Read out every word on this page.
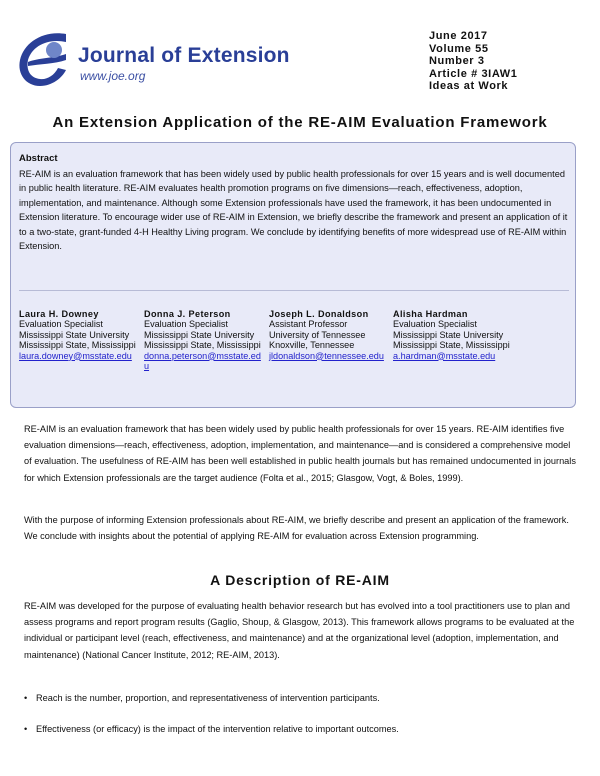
Journal of Extension
www.joe.org
June 2017
Volume 55
Number 3
Article # 3IAW1
Ideas at Work
An Extension Application of the RE-AIM Evaluation Framework
Abstract
RE-AIM is an evaluation framework that has been widely used by public health professionals for over 15 years and is well documented in public health literature. RE-AIM evaluates health promotion programs on five dimensions—reach, effectiveness, adoption, implementation, and maintenance. Although some Extension professionals have used the framework, it has been undocumented in Extension literature. To encourage wider use of RE-AIM in Extension, we briefly describe the framework and present an application of it to a two-state, grant-funded 4-H Healthy Living program. We conclude by identifying benefits of more widespread use of RE-AIM within Extension.
Laura H. Downey
Evaluation Specialist
Mississippi State University
Mississippi State, Mississippi
laura.downey@msstate.edu
Donna J. Peterson
Evaluation Specialist
Mississippi State University
Mississippi State, Mississippi
donna.peterson@msstate.edu
Joseph L. Donaldson
Assistant Professor
University of Tennessee
Knoxville, Tennessee
jldonaldson@tennessee.edu
Alisha Hardman
Evaluation Specialist
Mississippi State University
Mississippi State, Mississippi
a.hardman@msstate.edu
RE-AIM is an evaluation framework that has been widely used by public health professionals for over 15 years. RE-AIM identifies five evaluation dimensions—reach, effectiveness, adoption, implementation, and maintenance—and is considered a comprehensive model of evaluation. The usefulness of RE-AIM has been well established in public health journals but has remained undocumented in journals for which Extension professionals are the target audience (Folta et al., 2015; Glasgow, Vogt, & Boles, 1999).
With the purpose of informing Extension professionals about RE-AIM, we briefly describe and present an application of the framework. We conclude with insights about the potential of applying RE-AIM for evaluation across Extension programming.
A Description of RE-AIM
RE-AIM was developed for the purpose of evaluating health behavior research but has evolved into a tool practitioners use to plan and assess programs and report program results (Gaglio, Shoup, & Glasgow, 2013). This framework allows programs to be evaluated at the individual or participant level (reach, effectiveness, and maintenance) and at the organizational level (adoption, implementation, and maintenance) (National Cancer Institute, 2012; RE-AIM, 2013).
• Reach is the number, proportion, and representativeness of intervention participants.
• Effectiveness (or efficacy) is the impact of the intervention relative to important outcomes.
